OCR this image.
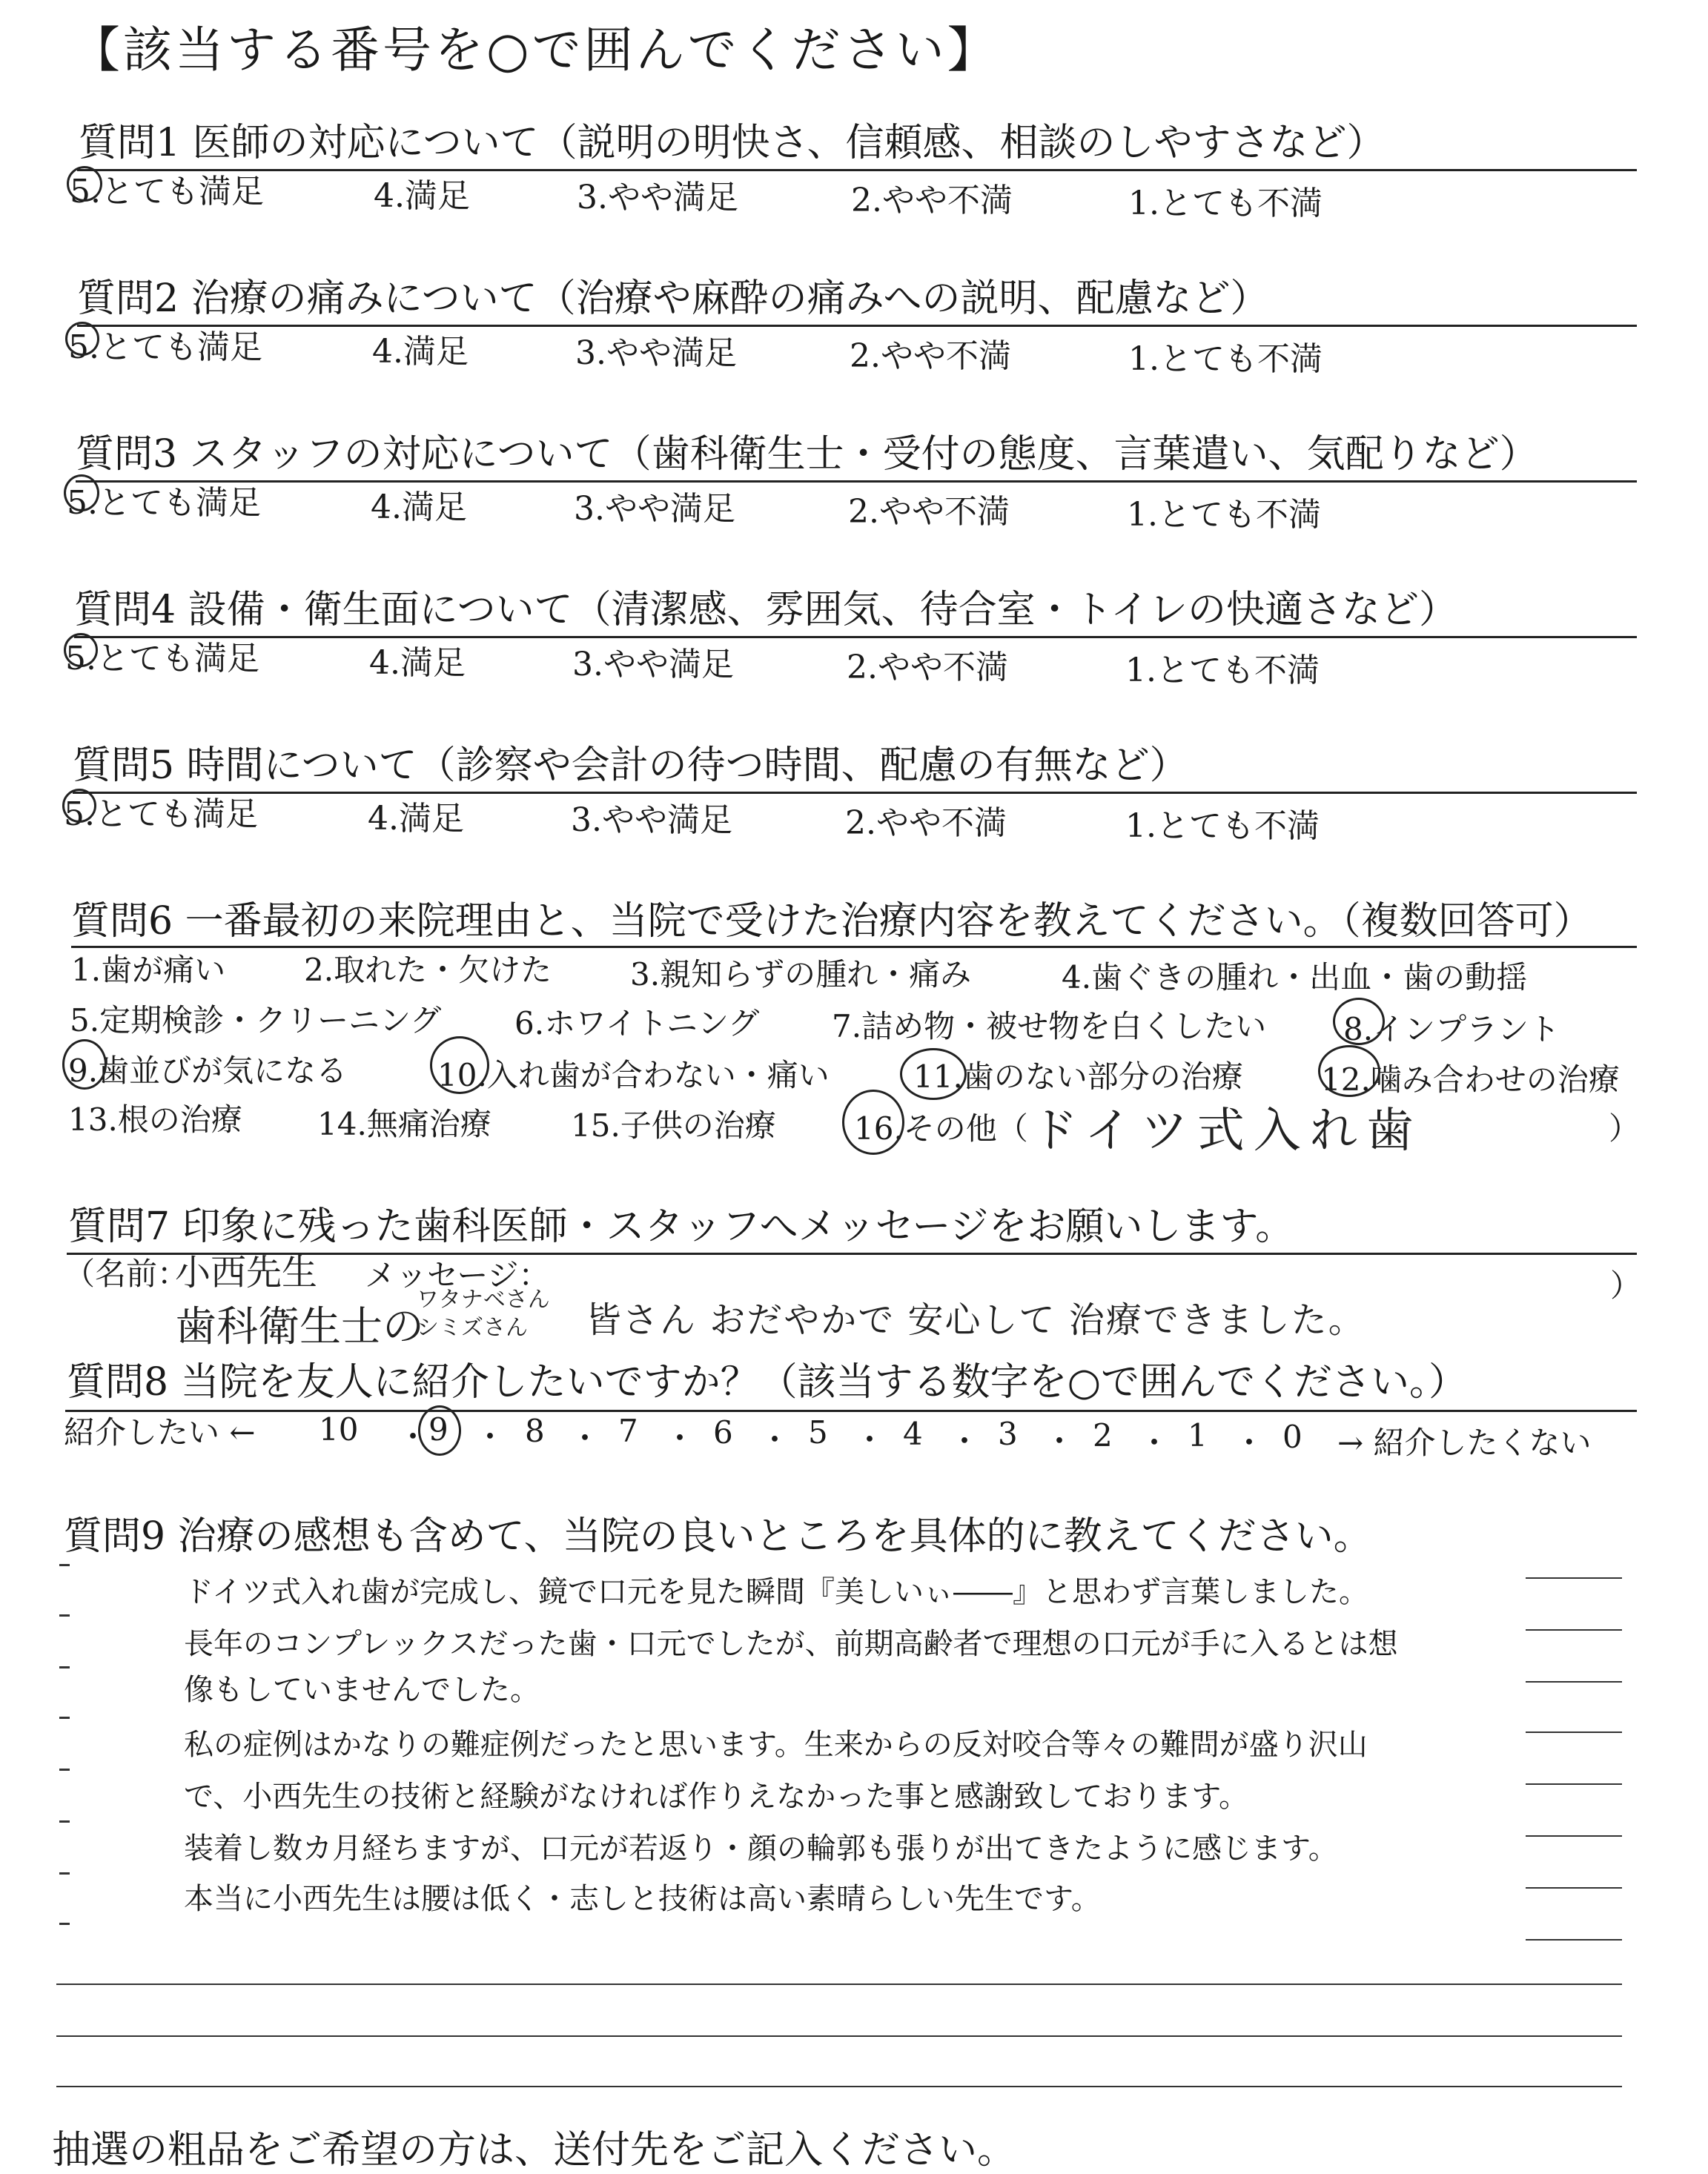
【該当する番号を○で囲んでください】
質問1 医師の対応について（説明の明快さ、信頼感、相談のしやすさなど）
5.とても満足	4.満足	3.やや満足	2.やや不満	1.とても不満
質問2 治療の痛みについて（治療や麻酔の痛みへの説明、配慮など）
5.とても満足	4.満足	3.やや満足	2.やや不満	1.とても不満
質問3 スタッフの対応について（歯科衛生士・受付の態度、言葉遣い、気配りなど）
5.とても満足	4.満足	3.やや満足	2.やや不満	1.とても不満
質問4 設備・衛生面について（清潔感、雰囲気、待合室・トイレの快適さなど）
5.とても満足	4.満足	3.やや満足	2.やや不満	1.とても不満
質問5 時間について（診察や会計の待つ時間、配慮の有無など）
5.とても満足	4.満足	3.やや満足	2.やや不満	1.とても不満
質問6 一番最初の来院理由と、当院で受けた治療内容を教えてください。（複数回答可）
1.歯が痛い	2.取れた・欠けた	3.親知らずの腫れ・痛み	4.歯ぐきの腫れ・出血・歯の動揺
5.定期検診・クリーニング 6.ホワイトニング 7.詰め物・被せ物を白くしたい 8.インプラント
9.歯並びが気になる	10.入れ歯が合わない・痛い	11.歯のない部分の治療	12.噛み合わせの治療
13.根の治療 14.無痛治療	15.子供の治療	16.その他（ ドイツ式入れ歯	）
質問7 印象に残った歯科医師・スタッフへメッセージをお願いします。
（名前：
小西先生 メッセージ：	）
歯科衛生士の
ワタナベさん
シミズさん 皆さん おだやかで 安心して 治療できました。
質問8 当院を友人に紹介したいですか？（該当する数字を○で囲んでください。）
紹介したい ← 10 9 8 7 6 5 4 3 2 1 0 → 紹介したくない
・ ・ ・ ・ ・ ・ ・ ・ ・ ・
質問9 治療の感想も含めて、当院の良いところを具体的に教えてください。
ドイツ式入れ歯が完成し、鏡で口元を見た瞬間『美しいぃ――』と思わず言葉しました。
長年のコンプレックスだった歯・口元でしたが、前期高齢者で理想の口元が手に入るとは想
像もしていませんでした。
私の症例はかなりの難症例だったと思います。生来からの反対咬合等々の難問が盛り沢山
で、小西先生の技術と経験がなければ作りえなかった事と感謝致しております。
装着し数カ月経ちますが、口元が若返り・顔の輪郭も張りが出てきたように感じます。
本当に小西先生は腰は低く・志しと技術は高い素晴らしい先生です。
抽選の粗品をご希望の方は、送付先をご記入ください。
